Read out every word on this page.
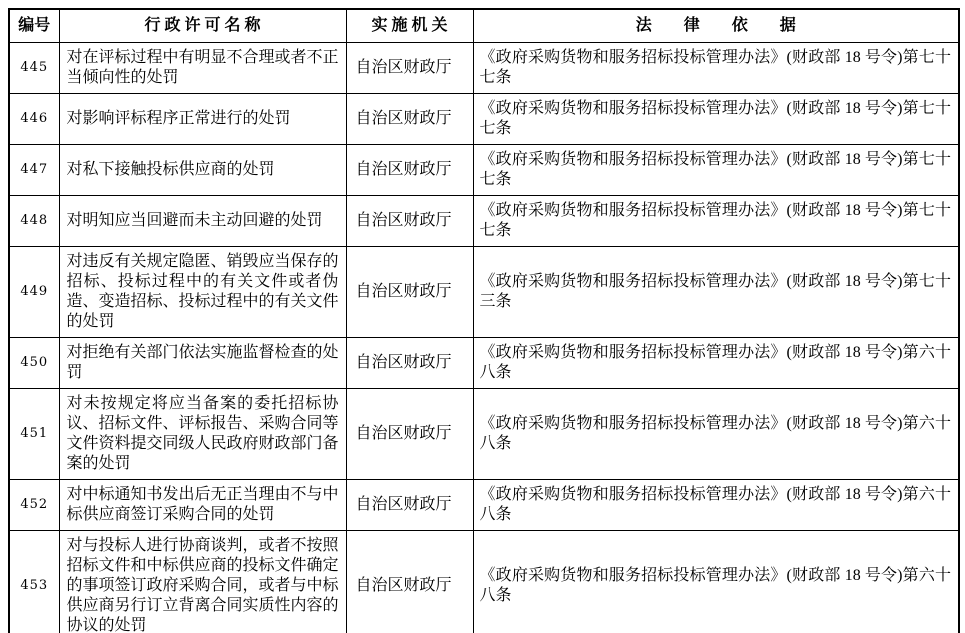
编号	行 政 许 可 名 称	实 施 机 关	法　　律　　依　　据
445	对在评标过程中有明显不合理或者不正当倾向性的处罚	自治区财政厅	《政府采购货物和服务招标投标管理办法》(财政部 18 号令)第七十七条
446	对影响评标程序正常进行的处罚	自治区财政厅	《政府采购货物和服务招标投标管理办法》(财政部 18 号令)第七十七条
447	对私下接触投标供应商的处罚	自治区财政厅	《政府采购货物和服务招标投标管理办法》(财政部 18 号令)第七十七条
448	对明知应当回避而未主动回避的处罚	自治区财政厅	《政府采购货物和服务招标投标管理办法》(财政部 18 号令)第七十七条
449	对违反有关规定隐匿、销毁应当保存的招标、投标过程中的有关文件或者伪造、变造招标、投标过程中的有关文件的处罚	自治区财政厅	《政府采购货物和服务招标投标管理办法》(财政部 18 号令)第七十三条
450	对拒绝有关部门依法实施监督检查的处罚	自治区财政厅	《政府采购货物和服务招标投标管理办法》(财政部 18 号令)第六十八条
451	对未按规定将应当备案的委托招标协议、招标文件、评标报告、采购合同等文件资料提交同级人民政府财政部门备案的处罚	自治区财政厅	《政府采购货物和服务招标投标管理办法》(财政部 18 号令)第六十八条
452	对中标通知书发出后无正当理由不与中标供应商签订采购合同的处罚	自治区财政厅	《政府采购货物和服务招标投标管理办法》(财政部 18 号令)第六十八条
453	对与投标人进行协商谈判，或者不按照招标文件和中标供应商的投标文件确定的事项签订政府采购合同，或者与中标供应商另行订立背离合同实质性内容的协议的处罚	自治区财政厅	《政府采购货物和服务招标投标管理办法》(财政部 18 号令)第六十八条
